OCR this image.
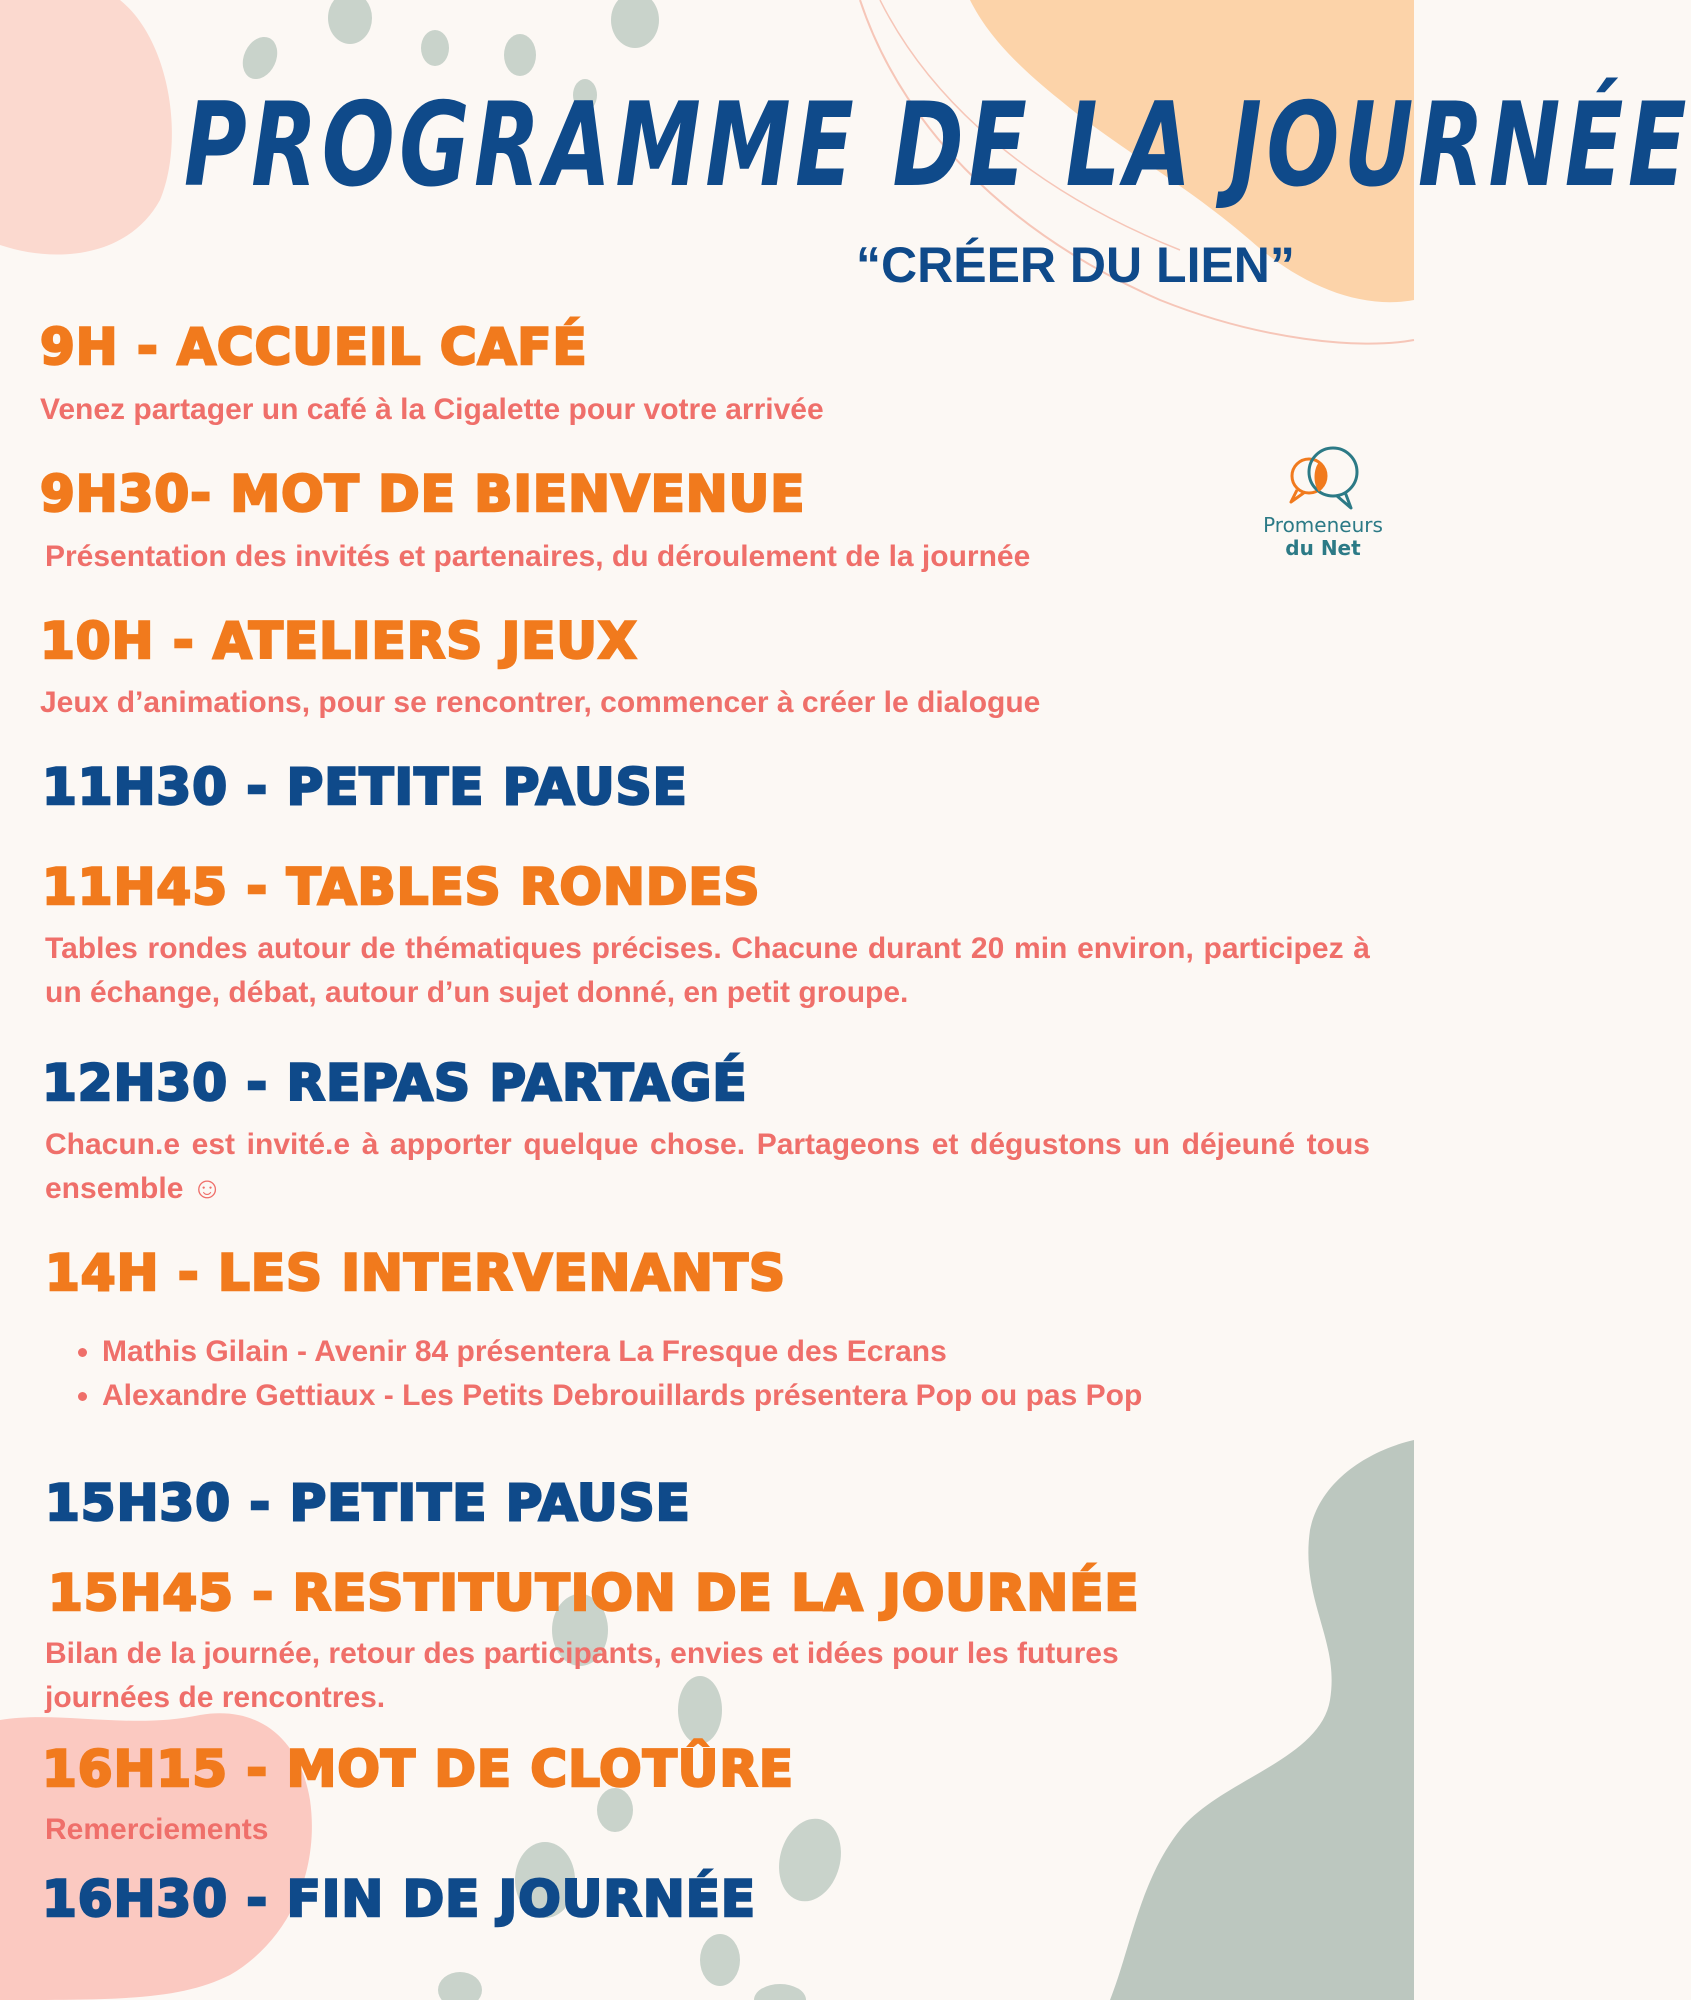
PROGRAMME DE LA JOURNÉE

“CRÉER DU LIEN”

Promeneurs
du Net
9H - ACCUEIL CAFÉ

Venez partager un café à la Cigalette pour votre arrivée

9H30- MOT DE BIENVENUE

Présentation des invités et partenaires, du déroulement de la journée

10H - ATELIERS JEUX

Jeux d’animations, pour se rencontrer, commencer à créer le dialogue

11H30 - PETITE PAUSE
11H45 - TABLES RONDES

Tables rondes autour de thématiques précises. Chacune durant 20 min environ, participez à un échange, débat, autour d’un sujet donné, en petit groupe.

12H30 - REPAS PARTAGÉ

Chacun.e est invité.e à apporter quelque chose. Partageons et dégustons un déjeuné tous ensemble ☺

14H - LES INTERVENANTS
• Mathis Gilain - Avenir 84 présentera La Fresque des Ecrans
• Alexandre Gettiaux - Les Petits Debrouillards présentera Pop ou pas Pop
15H30 - PETITE PAUSE
15H45 - RESTITUTION DE LA JOURNÉE

Bilan de la journée, retour des participants, envies et idées pour les futures journées de rencontres.

16H15 - MOT DE CLOTÛRE

Remerciements

16H30 - FIN DE JOURNÉE
